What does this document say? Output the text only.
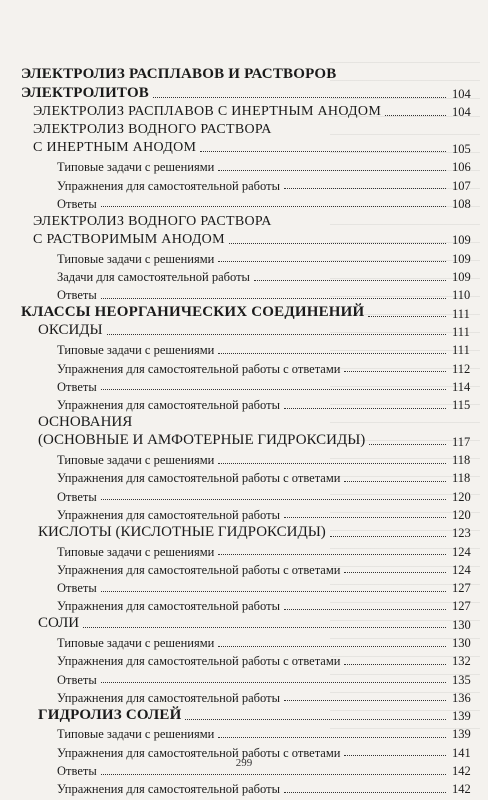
ЭЛЕКТРОЛИЗ РАСПЛАВОВ И РАСТВОРОВ
ЭЛЕКТРОЛИТОВ	104
ЭЛЕКТРОЛИЗ РАСПЛАВОВ С ИНЕРТНЫМ АНОДОМ	104
ЭЛЕКТРОЛИЗ ВОДНОГО РАСТВОРА
С ИНЕРТНЫМ АНОДОМ	105
Типовые задачи с решениями	106
Упражнения для самостоятельной работы	107
Ответы	108
ЭЛЕКТРОЛИЗ ВОДНОГО РАСТВОРА
С РАСТВОРИМЫМ АНОДОМ	109
Типовые задачи с решениями	109
Задачи для самостоятельной работы	109
Ответы	110
КЛАССЫ НЕОРГАНИЧЕСКИХ СОЕДИНЕНИЙ	111
ОКСИДЫ	111
Типовые задачи с решениями	111
Упражнения для самостоятельной работы с ответами	112
Ответы	114
Упражнения для самостоятельной работы	115
ОСНОВАНИЯ
(ОСНОВНЫЕ И АМФОТЕРНЫЕ ГИДРОКСИДЫ)	117
Типовые задачи с решениями	118
Упражнения для самостоятельной работы с ответами	118
Ответы	120
Упражнения для самостоятельной работы	120
КИСЛОТЫ (КИСЛОТНЫЕ ГИДРОКСИДЫ)	123
Типовые задачи с решениями	124
Упражнения для самостоятельной работы с ответами	124
Ответы	127
Упражнения для самостоятельной работы	127
СОЛИ	130
Типовые задачи с решениями	130
Упражнения для самостоятельной работы с ответами	132
Ответы	135
Упражнения для самостоятельной работы	136
ГИДРОЛИЗ СОЛЕЙ	139
Типовые задачи с решениями	139
Упражнения для самостоятельной работы с ответами	141
Ответы	142
Упражнения для самостоятельной работы	142
299
